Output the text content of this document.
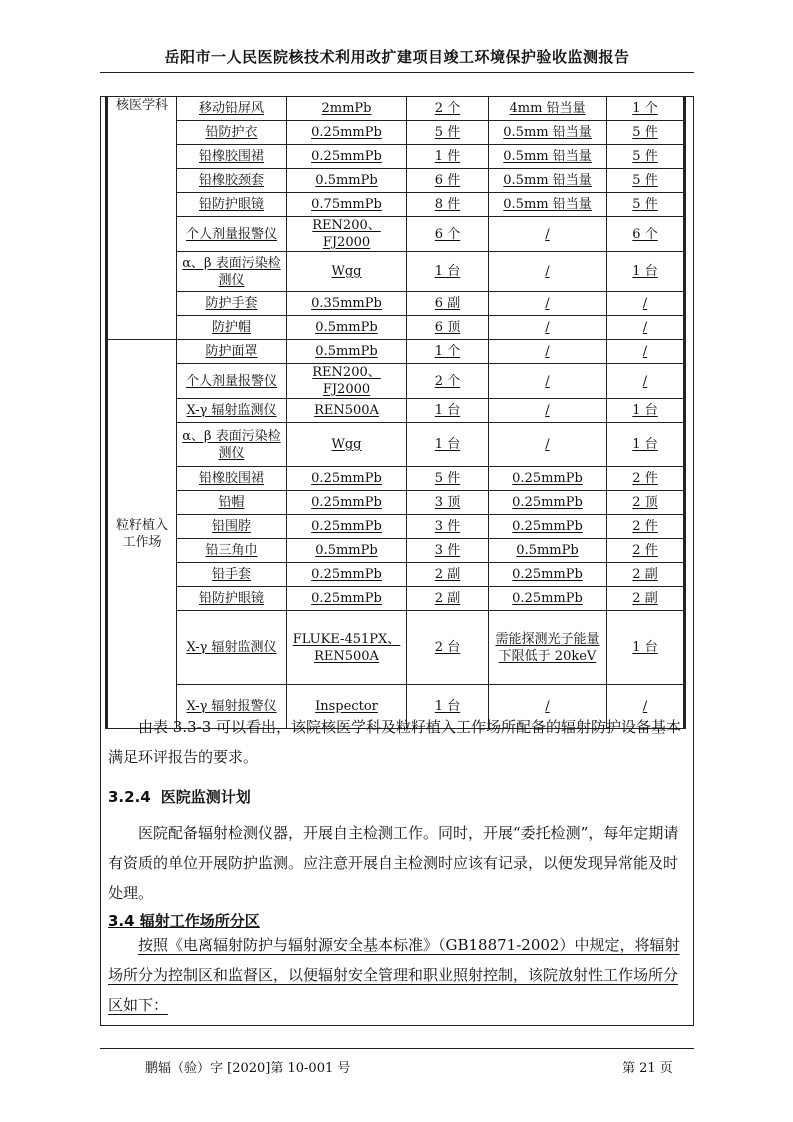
岳阳市一人民医院核技术利用改扩建项目竣工环境保护验收监测报告
核医学科	移动铅屏风	2mmPb	2 个	4mm 铅当量	1 个
	铅防护衣	0.25mmPb	5 件	0.5mm 铅当量	5 件
	铅橡胶围裙	0.25mmPb	1 件	0.5mm 铅当量	5 件
	铅橡胶颈套	0.5mmPb	6 件	0.5mm 铅当量	5 件
	铅防护眼镜	0.75mmPb	8 件	0.5mm 铅当量	5 件
	个人剂量报警仪	REN200、FJ2000	6 个	/	6 个
	α、β 表面污染检测仪	Wgg	1 台	/	1 台
	防护手套	0.35mmPb	6 副	/	/
	防护帽	0.5mmPb	6 顶	/	/
粒籽植入工作场	防护面罩	0.5mmPb	1 个	/	/
	个人剂量报警仪	REN200、FJ2000	2 个	/	/
	X-γ 辐射监测仪	REN500A	1 台	/	1 台
	α、β 表面污染检测仪	Wgg	1 台	/	1 台
	铅橡胶围裙	0.25mmPb	5 件	0.25mmPb	2 件
	铅帽	0.25mmPb	3 顶	0.25mmPb	2 顶
	铅围脖	0.25mmPb	3 件	0.25mmPb	2 件
	铅三角巾	0.5mmPb	3 件	0.5mmPb	2 件
	铅手套	0.25mmPb	2 副	0.25mmPb	2 副
	铅防护眼镜	0.25mmPb	2 副	0.25mmPb	2 副
	X-γ 辐射监测仪	FLUKE-451PX、REN500A	2 台	需能探测光子能量下限低于 20keV	1 台
	X-γ 辐射报警仪	Inspector	1 台	/	/
由表 3.3-3 可以看出，该院核医学科及粒籽植入工作场所配备的辐射防护设备基本满足环评报告的要求。
3.2.4 医院监测计划
医院配备辐射检测仪器，开展自主检测工作。同时，开展“委托检测”，每年定期请有资质的单位开展防护监测。应注意开展自主检测时应该有记录，以便发现异常能及时处理。
3.4 辐射工作场所分区
按照《电离辐射防护与辐射源安全基本标准》（GB18871-2002）中规定，将辐射场所分为控制区和监督区，以便辐射安全管理和职业照射控制，该院放射性工作场所分区如下：
鹏辐（验）字 [2020]第 10-001 号	第 21 页
